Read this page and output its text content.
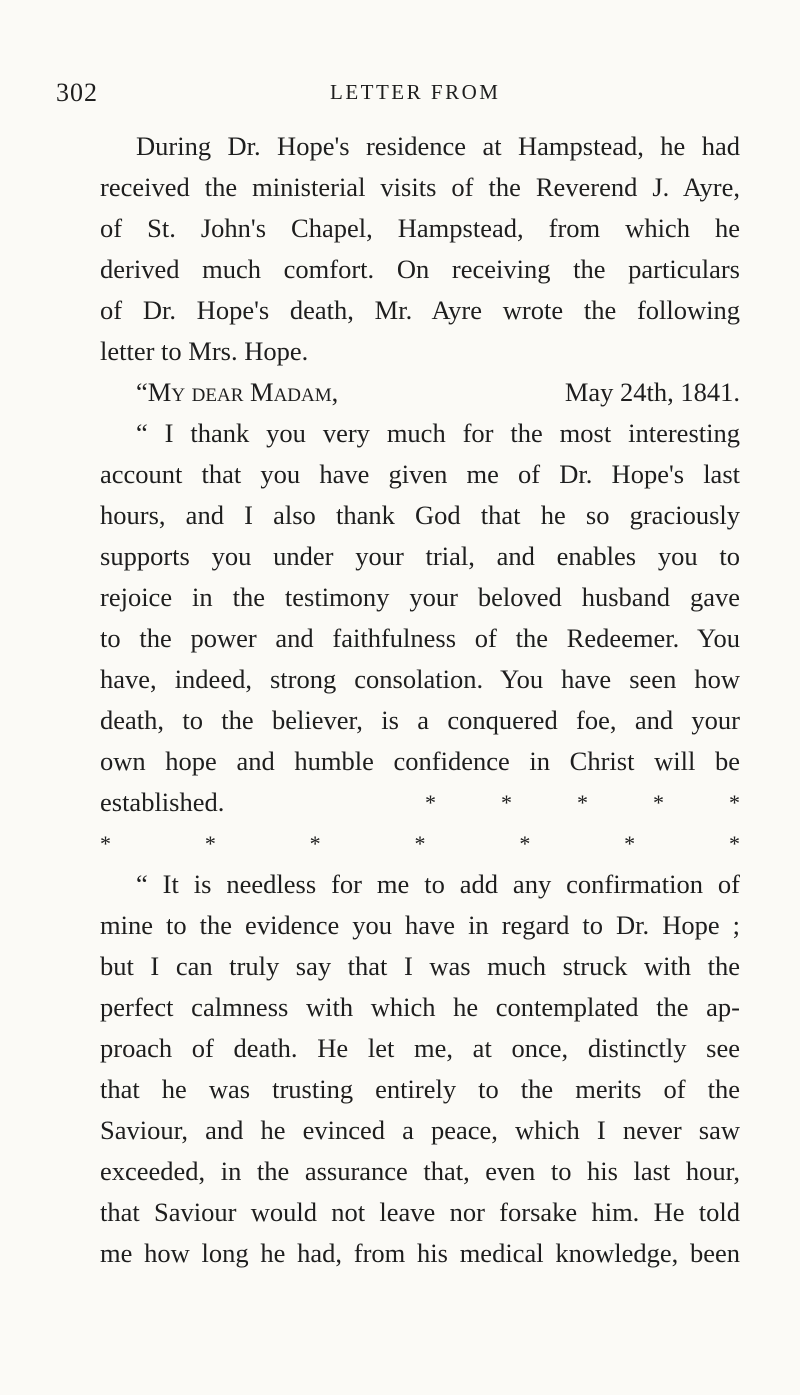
302	LETTER FROM
During Dr. Hope's residence at Hampstead, he had
received the ministerial visits of the Reverend J. Ayre,
of St. John's Chapel, Hampstead, from which he
derived much comfort. On receiving the particulars
of Dr. Hope's death, Mr. Ayre wrote the following
letter to Mrs. Hope.
“My dear Madam,	May 24th, 1841.
“ I thank you very much for the most interesting
account that you have given me of Dr. Hope's last
hours, and I also thank God that he so graciously
supports you under your trial, and enables you to
rejoice in the testimony your beloved husband gave
to the power and faithfulness of the Redeemer. You
have, indeed, strong consolation. You have seen how
death, to the believer, is a conquered foe, and your
own hope and humble confidence in Christ will be
established.	*	*	*	*	*
*	*	*	*	*	*	*
“ It is needless for me to add any confirmation of
mine to the evidence you have in regard to Dr. Hope ;
but I can truly say that I was much struck with the
perfect calmness with which he contemplated the ap-
proach of death. He let me, at once, distinctly see
that he was trusting entirely to the merits of the
Saviour, and he evinced a peace, which I never saw
exceeded, in the assurance that, even to his last hour,
that Saviour would not leave nor forsake him. He told
me how long he had, from his medical knowledge, been
